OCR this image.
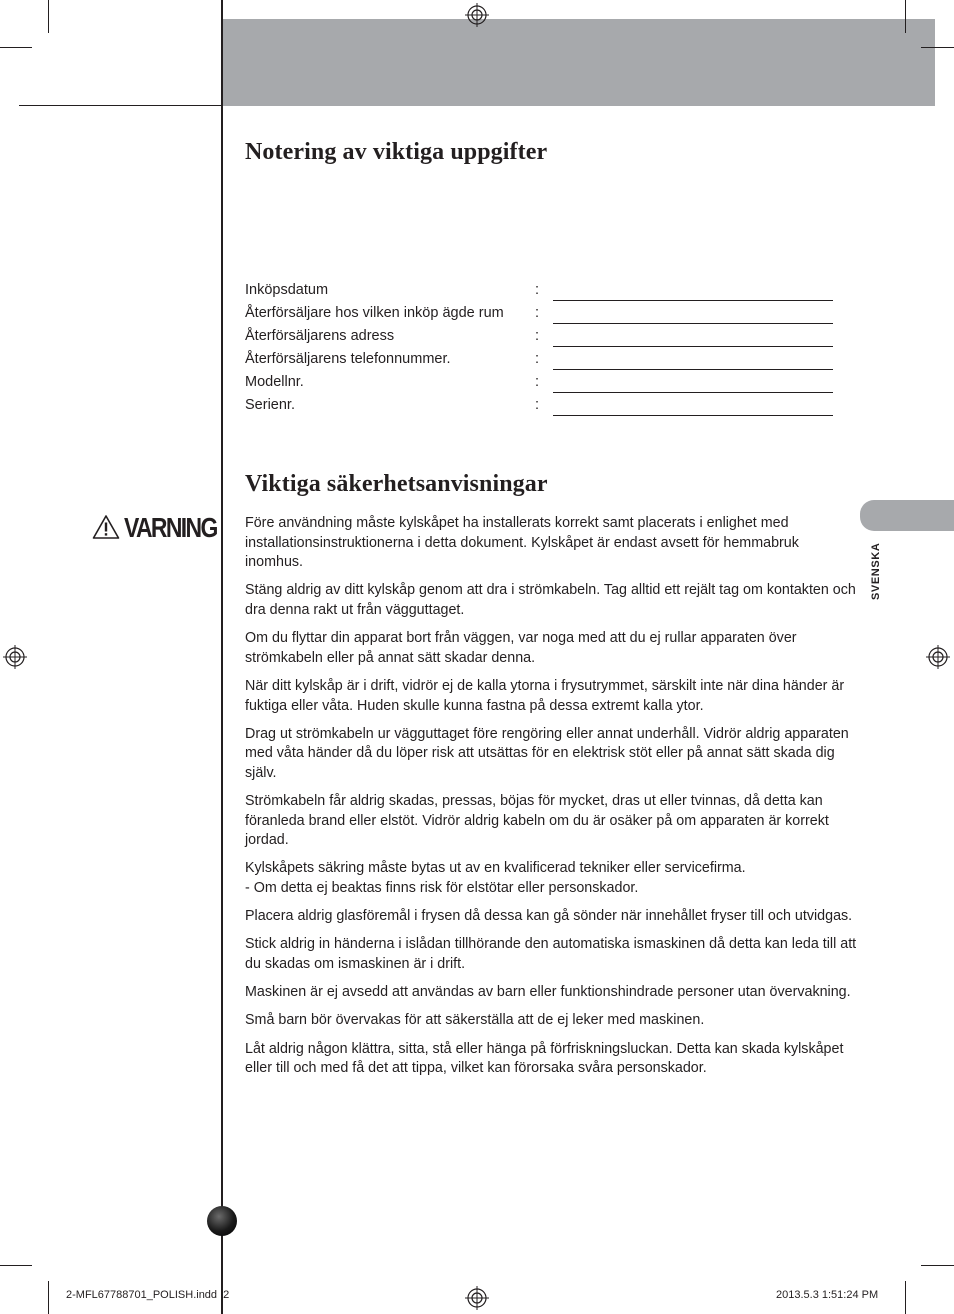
Notering av viktiga uppgifter
Inköpsdatum	:
Återförsäljare hos vilken inköp ägde rum :
Återförsäljarens adress	:
Återförsäljarens telefonnummer.	:
Modellnr.	:
Serienr.	:
Viktiga säkerhetsanvisningar
VARNING Före användning måste kylskåpet ha installerats korrekt samt placerats i enlighet med installationsinstruktionerna i detta dokument. Kylskåpet är endast avsett för hemmabruk inomhus.

Stäng aldrig av ditt kylskåp genom att dra i strömkabeln. Tag alltid ett rejält tag om kontakten och dra denna rakt ut från vägguttaget.

Om du flyttar din apparat bort från väggen, var noga med att du ej rullar apparaten över strömkabeln eller på annat sätt skadar denna.

När ditt kylskåp är i drift, vidrör ej de kalla ytorna i frysutrymmet, särskilt inte när dina händer är fuktiga eller våta. Huden skulle kunna fastna på dessa extremt kalla ytor.

Drag ut strömkabeln ur vägguttaget före rengöring eller annat underhåll. Vidrör aldrig apparaten med våta händer då du löper risk att utsättas för en elektrisk stöt eller på annat sätt skada dig själv.

Strömkabeln får aldrig skadas, pressas, böjas för mycket, dras ut eller tvinnas, då detta kan föranleda brand eller elstöt. Vidrör aldrig kabeln om du är osäker på om apparaten är korrekt jordad.

Kylskåpets säkring måste bytas ut av en kvalificerad tekniker eller servicefirma.
- Om detta ej beaktas finns risk för elstötar eller personskador.

Placera aldrig glasföremål i frysen då dessa kan gå sönder när innehållet fryser till och utvidgas.

Stick aldrig in händerna i islådan tillhörande den automatiska ismaskinen då detta kan leda till att du skadas om ismaskinen är i drift.

Maskinen är ej avsedd att användas av barn eller funktionshindrade personer utan övervakning.

Små barn bör övervakas för att säkerställa att de ej leker med maskinen.

Låt aldrig någon klättra, sitta, stå eller hänga på förfriskningsluckan. Detta kan skada kylskåpet eller till och med få det att tippa, vilket kan förorsaka svåra personskador.

SVENSKA
2-MFL67788701_POLISH.indd 2	2013.5.3 1:51:24 PM
